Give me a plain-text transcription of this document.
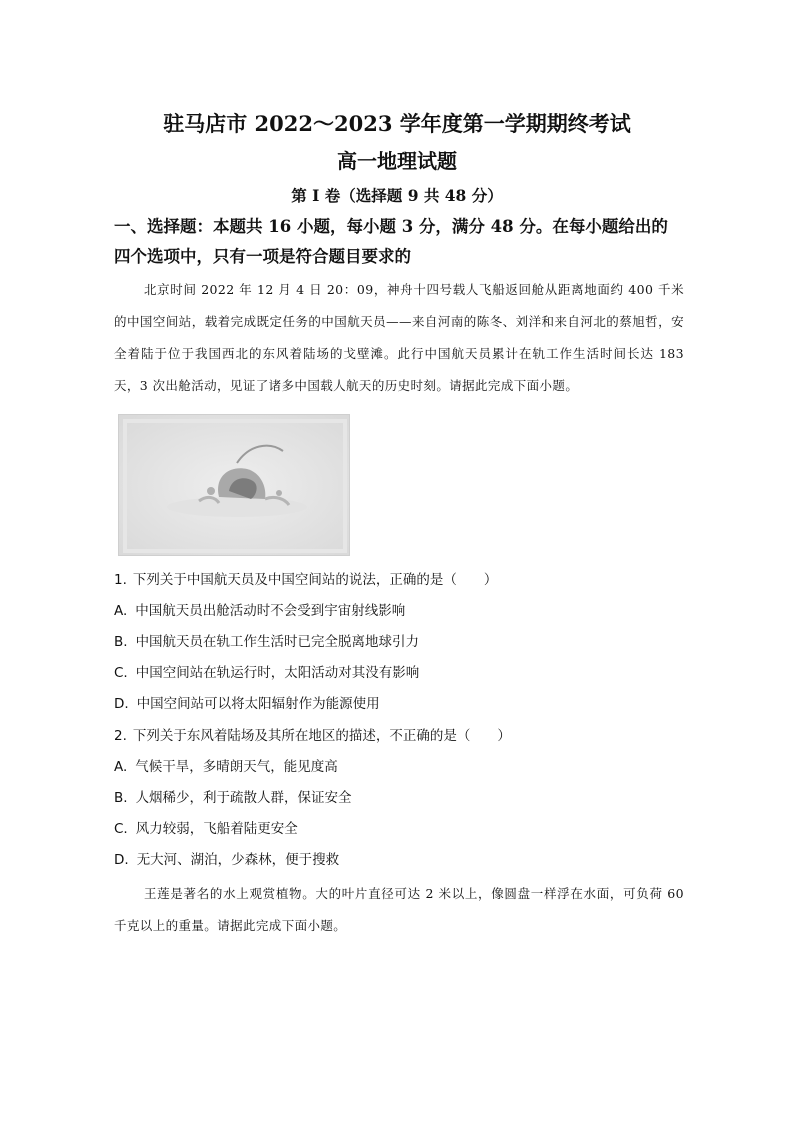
驻马店市 2022～2023 学年度第一学期期终考试
高一地理试题
第 I 卷（选择题 9 共 48 分）
一、选择题：本题共 16 小题，每小题 3 分，满分 48 分。在每小题给出的四个选项中，只有一项是符合题目要求的
北京时间 2022 年 12 月 4 日 20：09，神舟十四号载人飞船返回舱从距离地面约 400 千米的中国空间站，载着完成既定任务的中国航天员——来自河南的陈冬、刘洋和来自河北的蔡旭哲，安全着陆于位于我国西北的东风着陆场的戈壁滩。此行中国航天员累计在轨工作生活时间长达 183 天，3 次出舱活动，见证了诸多中国载人航天的历史时刻。请据此完成下面小题。
1. 下列关于中国航天员及中国空间站的说法，正确的是（　　）
A. 中国航天员出舱活动时不会受到宇宙射线影响
B. 中国航天员在轨工作生活时已完全脱离地球引力
C. 中国空间站在轨运行时，太阳活动对其没有影响
D. 中国空间站可以将太阳辐射作为能源使用
2. 下列关于东风着陆场及其所在地区的描述，不正确的是（　　）
A. 气候干旱，多晴朗天气，能见度高
B. 人烟稀少，利于疏散人群，保证安全
C. 风力较弱，飞船着陆更安全
D. 无大河、湖泊，少森林，便于搜救
王莲是著名的水上观赏植物。大的叶片直径可达 2 米以上，像圆盘一样浮在水面，可负荷 60 千克以上的重量。请据此完成下面小题。
